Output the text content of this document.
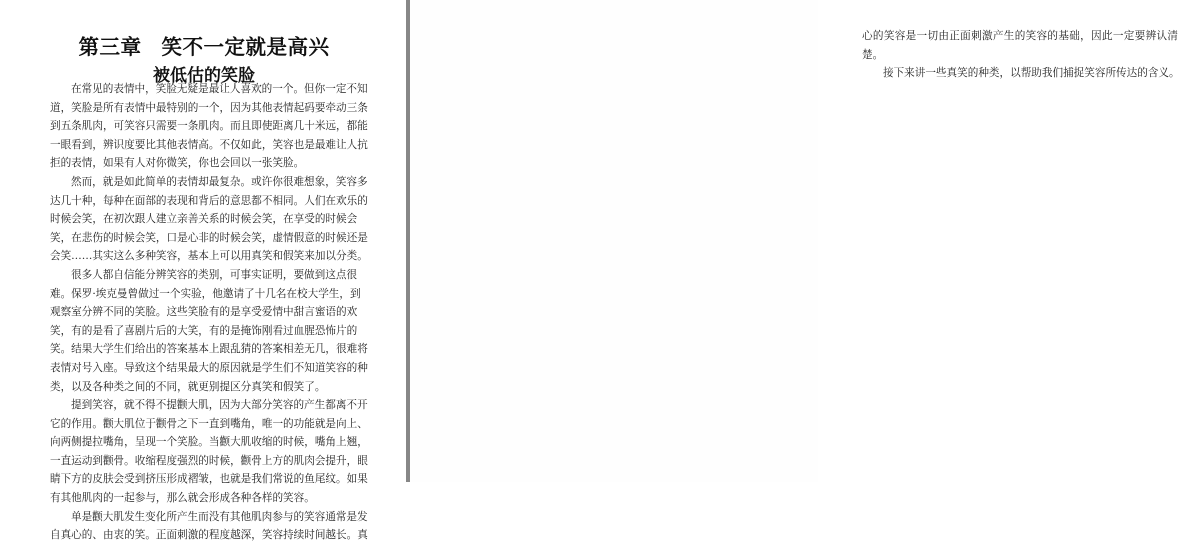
第三章 笑不一定就是高兴
被低估的笑脸
在常见的表情中，笑脸无疑是最让人喜欢的一个。但你一定不知
道，笑脸是所有表情中最特别的一个，因为其他表情起码要牵动三条
到五条肌肉，可笑容只需要一条肌肉。而且即使距离几十米远，都能
一眼看到，辨识度要比其他表情高。不仅如此，笑容也是最难让人抗
拒的表情，如果有人对你微笑，你也会回以一张笑脸。
然而，就是如此简单的表情却最复杂。或许你很难想象，笑容多
达几十种，每种在面部的表现和背后的意思都不相同。人们在欢乐的
时候会笑，在初次跟人建立亲善关系的时候会笑，在享受的时候会
笑，在悲伤的时候会笑，口是心非的时候会笑，虚情假意的时候还是
会笑……其实这么多种笑容，基本上可以用真笑和假笑来加以分类。
很多人都自信能分辨笑容的类别，可事实证明，要做到这点很
难。保罗·埃克曼曾做过一个实验，他邀请了十几名在校大学生，到
观察室分辨不同的笑脸。这些笑脸有的是享受爱情中甜言蜜语的欢
笑，有的是看了喜剧片后的大笑，有的是掩饰刚看过血腥恐怖片的
笑。结果大学生们给出的答案基本上跟乱猜的答案相差无几，很难将
表情对号入座。导致这个结果最大的原因就是学生们不知道笑容的种
类，以及各种类之间的不同，就更别提区分真笑和假笑了。
提到笑容，就不得不提颧大肌，因为大部分笑容的产生都离不开
它的作用。颧大肌位于颧骨之下一直到嘴角，唯一的功能就是向上、
向两侧提拉嘴角，呈现一个笑脸。当颧大肌收缩的时候，嘴角上翘，
一直运动到颧骨。收缩程度强烈的时候，颧骨上方的肌肉会提升，眼
睛下方的皮肤会受到挤压形成褶皱，也就是我们常说的鱼尾纹。如果
有其他肌肉的一起参与，那么就会形成各种各样的笑容。
单是颧大肌发生变化所产生而没有其他肌肉参与的笑容通常是发
自真心的、由衷的笑。正面刺激的程度越深，笑容持续时间越长。真
心的笑容是一切由正面刺激产生的笑容的基础，因此一定要辨认清
楚。
接下来讲一些真笑的种类，以帮助我们捕捉笑容所传达的含义。
